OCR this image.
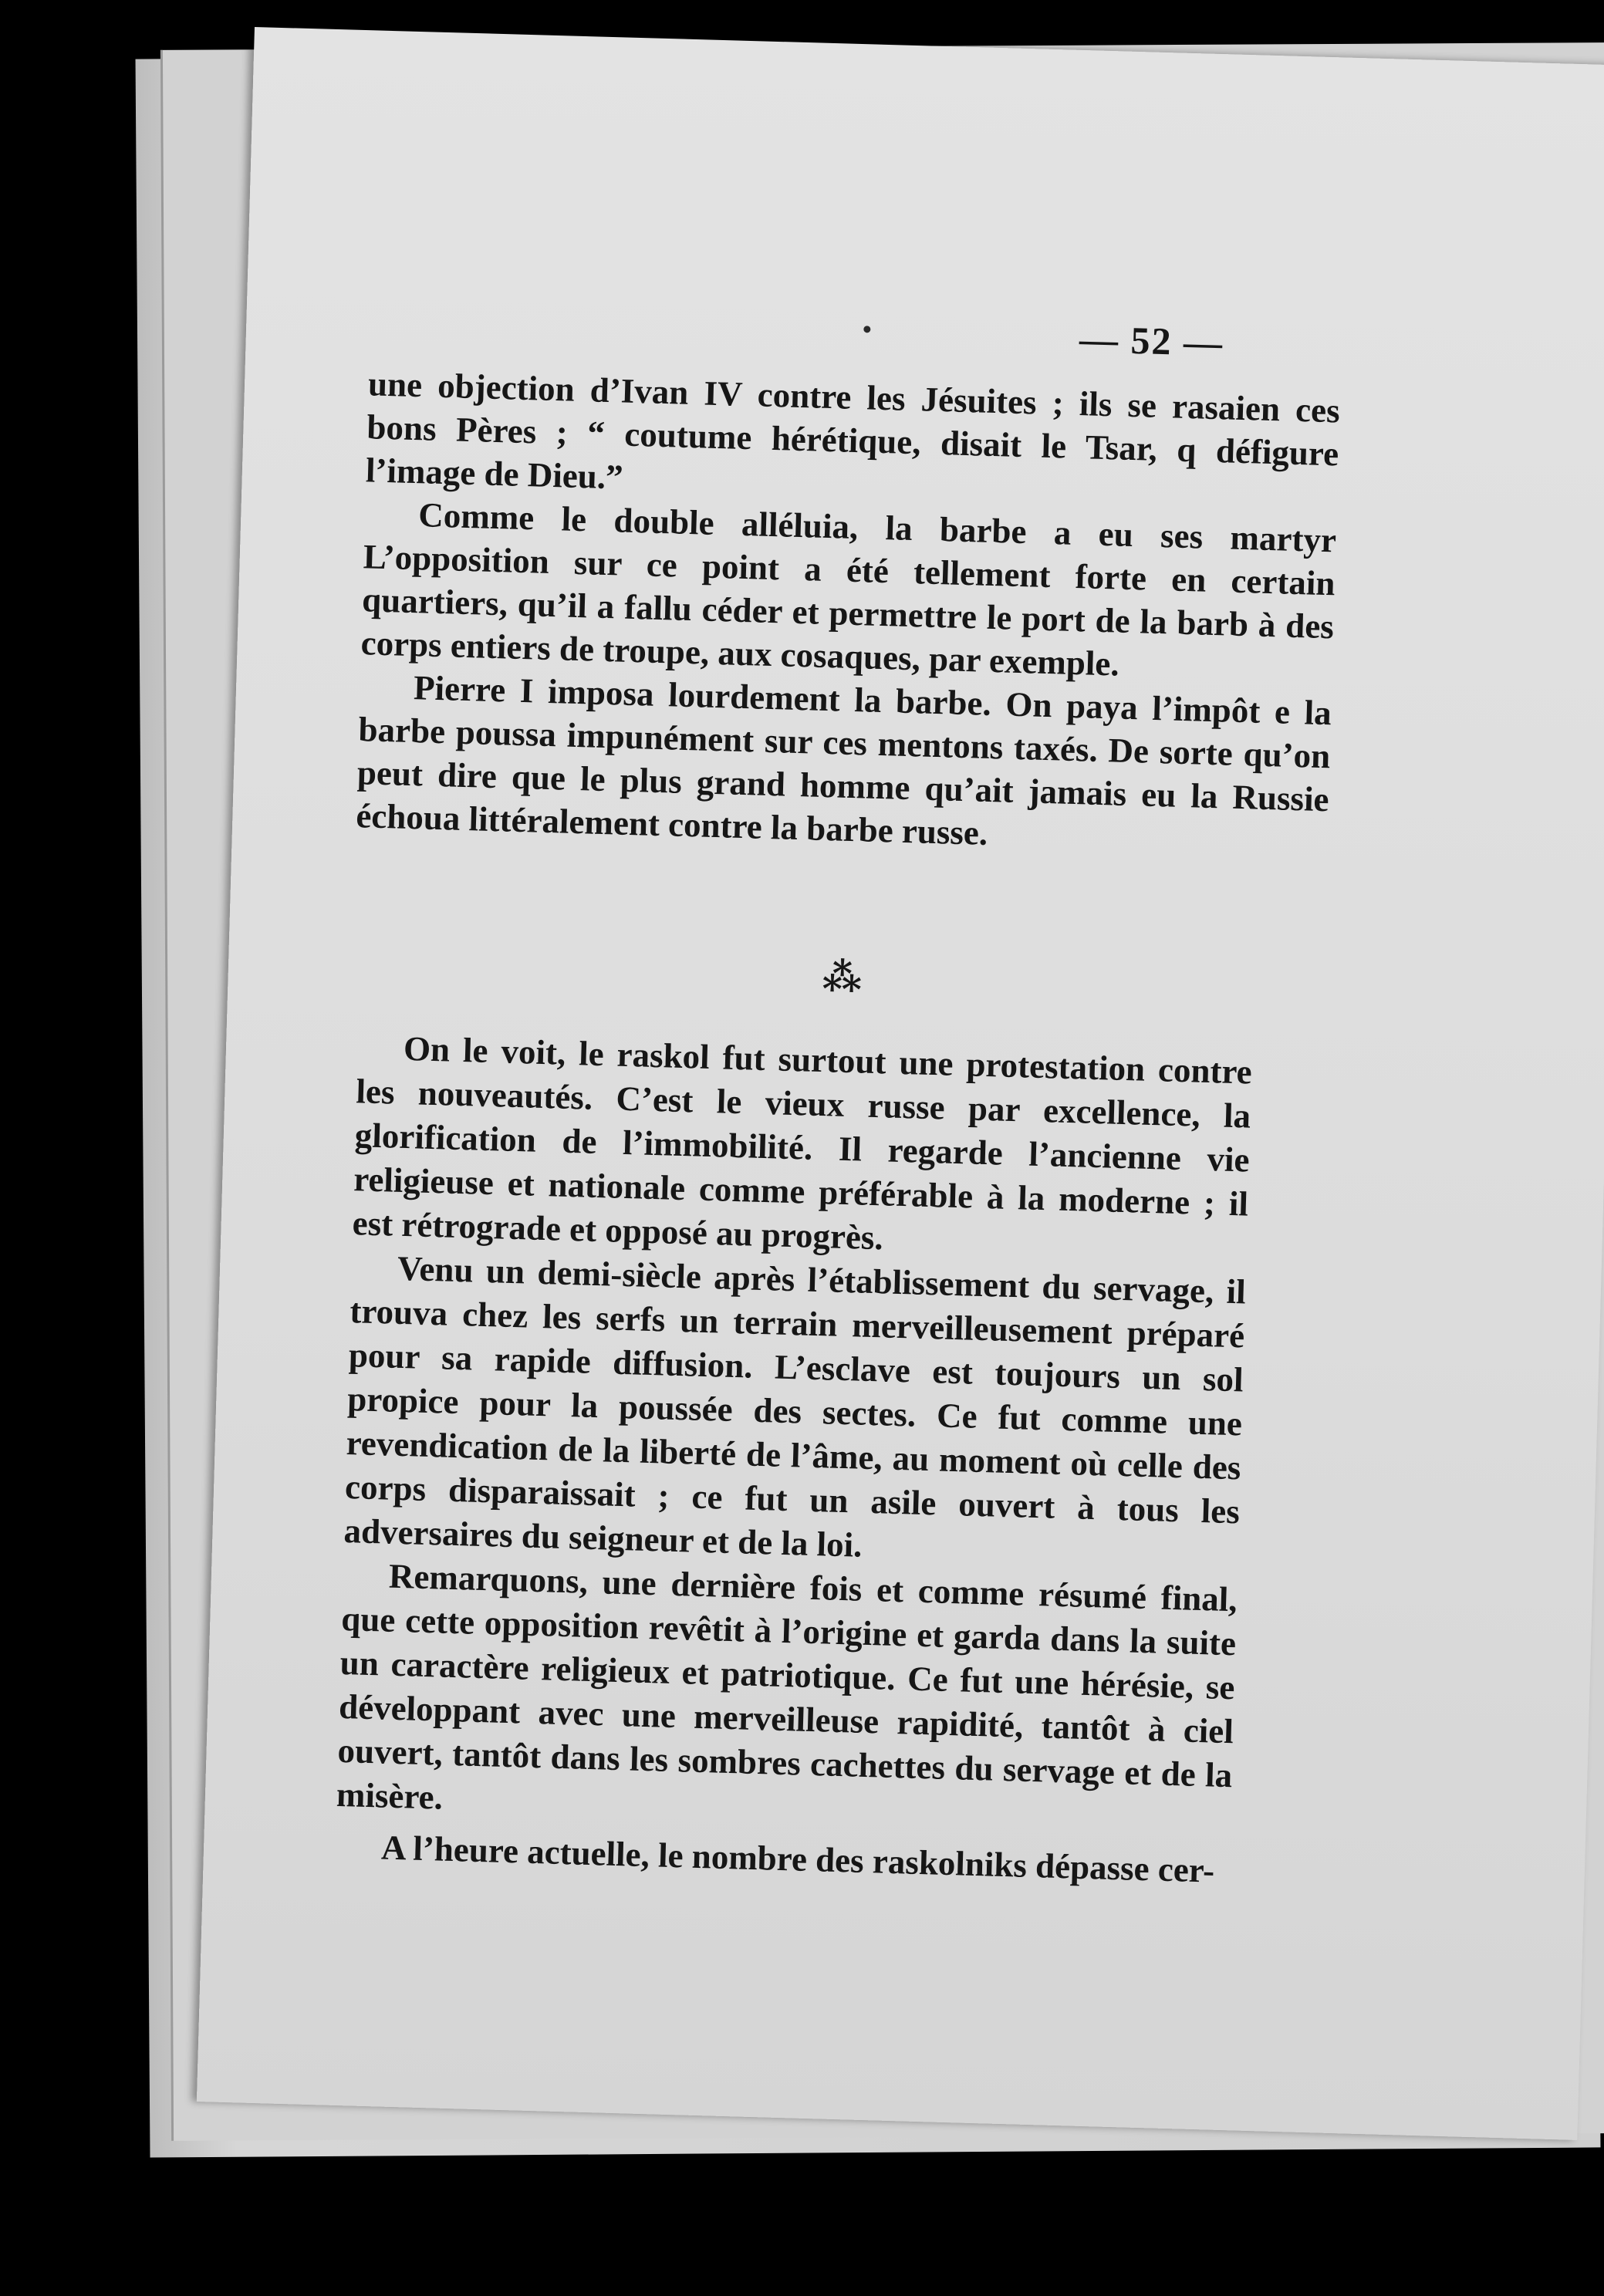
— 52 —

une objection d’Ivan IV contre les Jésuites ; ils se rasaien ces bons Pères ; “ coutume hérétique, disait le Tsar, q défigure l’image de Dieu.”

Comme le double alléluia, la barbe a eu ses martyr L’opposition sur ce point a été tellement forte en certain quartiers, qu’il a fallu céder et permettre le port de la barb à des corps entiers de troupe, aux cosaques, par exemple.

Pierre I imposa lourdement la barbe. On paya l’impôt e la barbe poussa impunément sur ces mentons taxés. De sorte qu’on peut dire que le plus grand homme qu’ait jamais eu la Russie échoua littéralement contre la barbe russe.

⁂

On le voit, le raskol fut surtout une protestation contre les nouveautés. C’est le vieux russe par excellence, la glorification de l’immobilité. Il regarde l’ancienne vie religieuse et nationale comme préférable à la moderne ; il est rétrograde et opposé au progrès.

Venu un demi-siècle après l’établissement du servage, il trouva chez les serfs un terrain merveilleusement préparé pour sa rapide diffusion. L’esclave est toujours un sol propice pour la poussée des sectes. Ce fut comme une revendication de la liberté de l’âme, au moment où celle des corps disparaissait ; ce fut un asile ouvert à tous les adversaires du seigneur et de la loi.

Remarquons, une dernière fois et comme résumé final, que cette opposition revêtit à l’origine et garda dans la suite un caractère religieux et patriotique. Ce fut une hérésie, se développant avec une merveilleuse rapidité, tantôt à ciel ouvert, tantôt dans les sombres cachettes du servage et de la misère.

A l’heure actuelle, le nombre des raskolniks dépasse cer-
